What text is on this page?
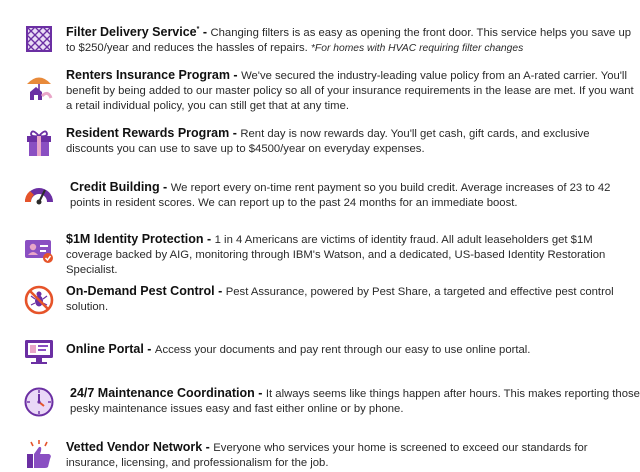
Filter Delivery Service* - Changing filters is as easy as opening the front door. This service helps you save up to $250/year and reduces the hassles of repairs. *For homes with HVAC requiring filter changes
Renters Insurance Program - We've secured the industry-leading value policy from an A-rated carrier. You'll benefit by being added to our master policy so all of your insurance requirements in the lease are met. If you want a retail individual policy, you can still get that at any time.
Resident Rewards Program - Rent day is now rewards day. You'll get cash, gift cards, and exclusive discounts you can use to save up to $4500/year on everyday expenses.
Credit Building - We report every on-time rent payment so you build credit. Average increases of 23 to 42 points in resident scores. We can report up to the past 24 months for an immediate boost.
$1M Identity Protection - 1 in 4 Americans are victims of identity fraud. All adult leaseholders get $1M coverage backed by AIG, monitoring through IBM's Watson, and a dedicated, US-based Identity Restoration Specialist.
On-Demand Pest Control - Pest Assurance, powered by Pest Share, a targeted and effective pest control solution.
Online Portal - Access your documents and pay rent through our easy to use online portal.
24/7 Maintenance Coordination - It always seems like things happen after hours. This makes reporting those pesky maintenance issues easy and fast either online or by phone.
Vetted Vendor Network - Everyone who services your home is screened to exceed our standards for insurance, licensing, and professionalism for the job.
